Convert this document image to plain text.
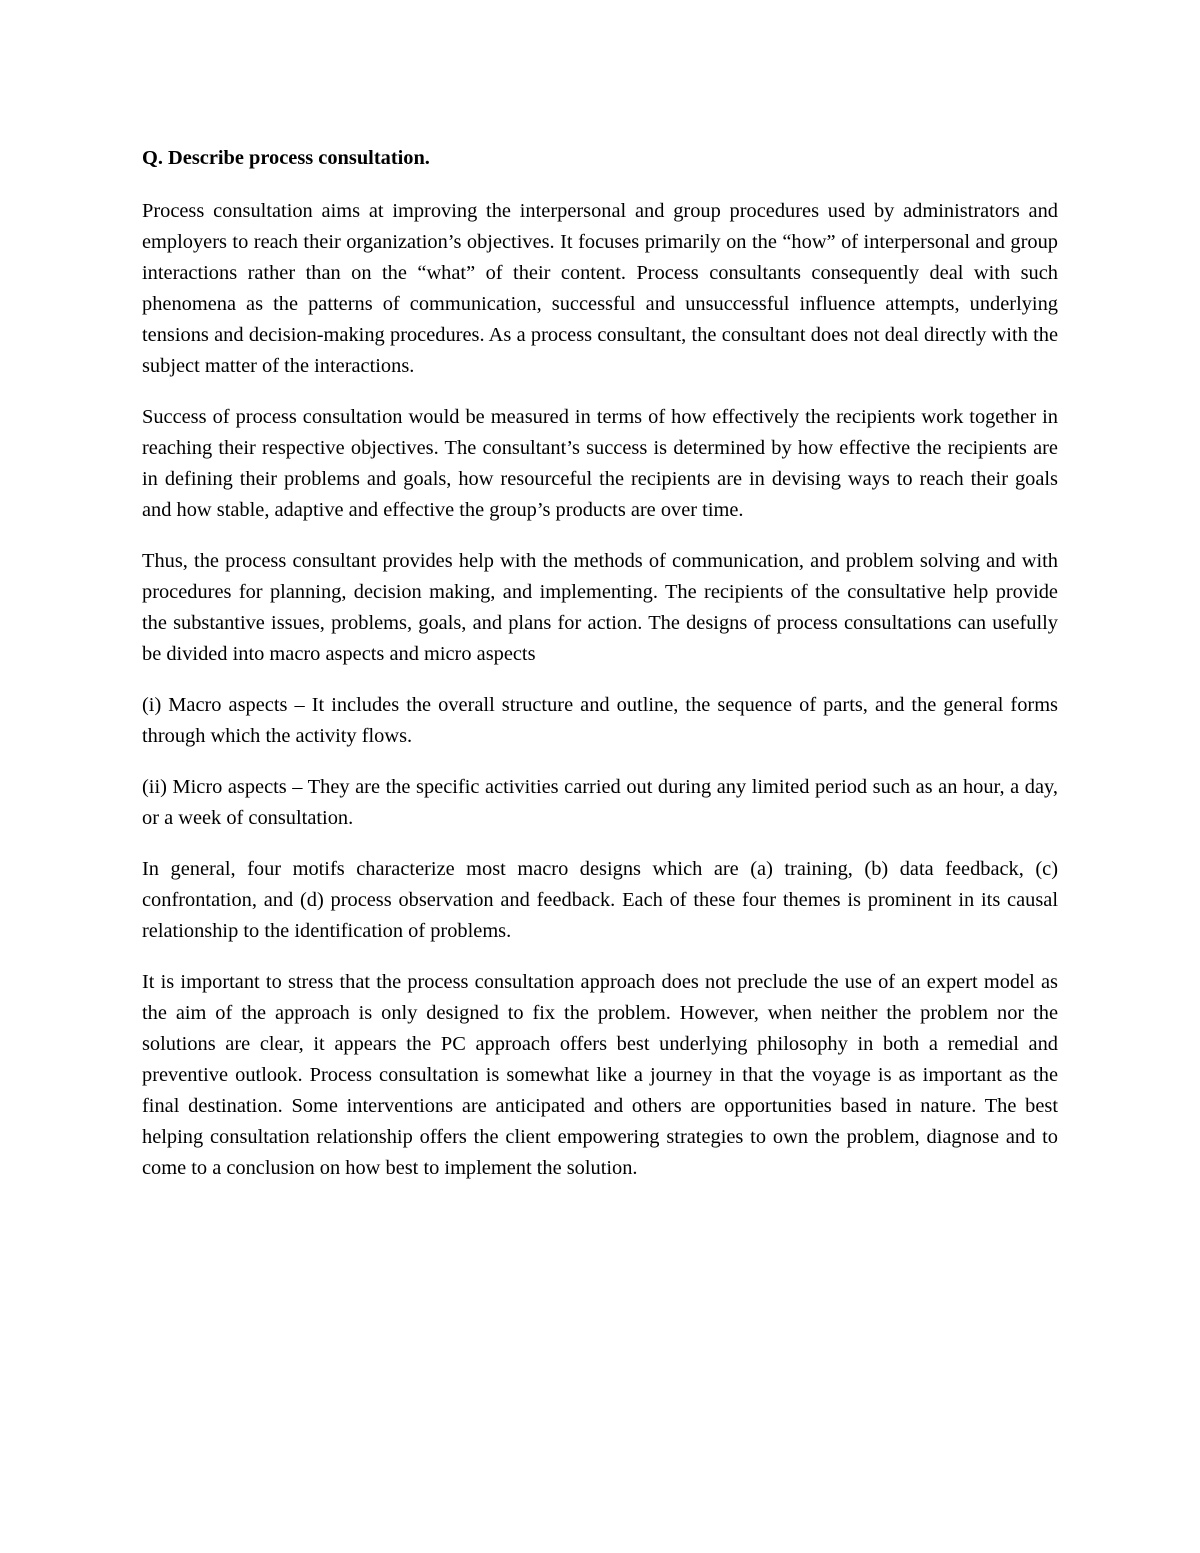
Q. Describe process consultation.

Process consultation aims at improving the interpersonal and group procedures used by administrators and employers to reach their organization’s objectives. It focuses primarily on the “how” of interpersonal and group interactions rather than on the “what” of their content. Process consultants consequently deal with such phenomena as the patterns of communication, successful and unsuccessful influence attempts, underlying tensions and decision-making procedures. As a process consultant, the consultant does not deal directly with the subject matter of the interactions.

Success of process consultation would be measured in terms of how effectively the recipients work together in reaching their respective objectives. The consultant’s success is determined by how effective the recipients are in defining their problems and goals, how resourceful the recipients are in devising ways to reach their goals and how stable, adaptive and effective the group’s products are over time.

Thus, the process consultant provides help with the methods of communication, and problem solving and with procedures for planning, decision making, and implementing. The recipients of the consultative help provide the substantive issues, problems, goals, and plans for action. The designs of process consultations can usefully be divided into macro aspects and micro aspects

(i) Macro aspects – It includes the overall structure and outline, the sequence of parts, and the general forms through which the activity flows.

(ii) Micro aspects – They are the specific activities carried out during any limited period such as an hour, a day, or a week of consultation.

In general, four motifs characterize most macro designs which are (a) training, (b) data feedback, (c) confrontation, and (d) process observation and feedback. Each of these four themes is prominent in its causal relationship to the identification of problems.

It is important to stress that the process consultation approach does not preclude the use of an expert model as the aim of the approach is only designed to fix the problem. However, when neither the problem nor the solutions are clear, it appears the PC approach offers best underlying philosophy in both a remedial and preventive outlook. Process consultation is somewhat like a journey in that the voyage is as important as the final destination. Some interventions are anticipated and others are opportunities based in nature. The best helping consultation relationship offers the client empowering strategies to own the problem, diagnose and to come to a conclusion on how best to implement the solution.
